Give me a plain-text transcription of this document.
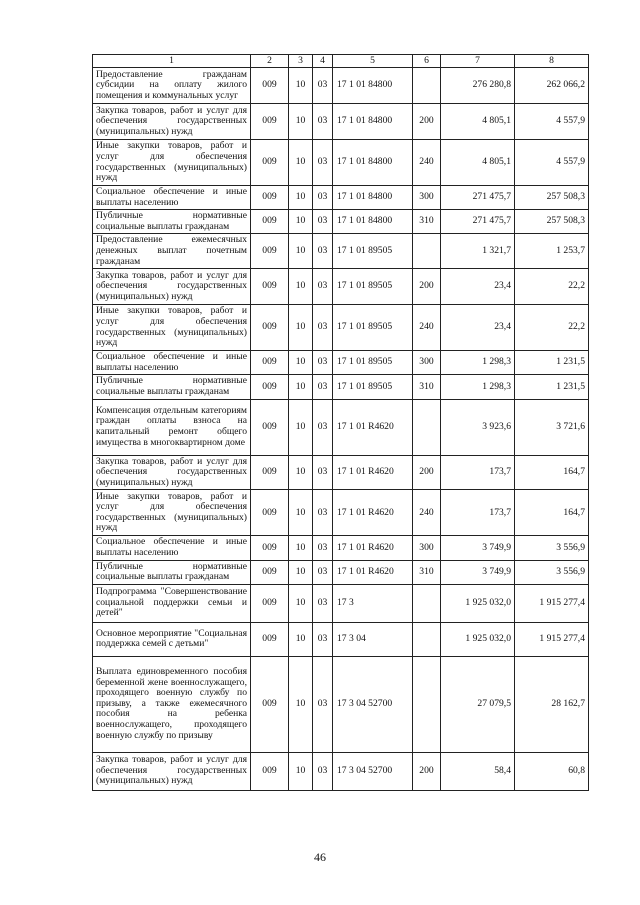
1	2	3	4	5	6	7	8
Предоставление гражданам субсидии на оплату жилого помещения и коммунальных услуг	009	10	03	17 1 01 84800		276 280,8	262 066,2
Закупка товаров, работ и услуг для обеспечения государственных (муниципальных) нужд	009	10	03	17 1 01 84800	200	4 805,1	4 557,9
Иные закупки товаров, работ и услуг для обеспечения государственных (муниципальных) нужд	009	10	03	17 1 01 84800	240	4 805,1	4 557,9
Социальное обеспечение и иные выплаты населению	009	10	03	17 1 01 84800	300	271 475,7	257 508,3
Публичные нормативные социальные выплаты гражданам	009	10	03	17 1 01 84800	310	271 475,7	257 508,3
Предоставление ежемесячных денежных выплат почетным гражданам	009	10	03	17 1 01 89505		1 321,7	1 253,7
Закупка товаров, работ и услуг для обеспечения государственных (муниципальных) нужд	009	10	03	17 1 01 89505	200	23,4	22,2
Иные закупки товаров, работ и услуг для обеспечения государственных (муниципальных) нужд	009	10	03	17 1 01 89505	240	23,4	22,2
Социальное обеспечение и иные выплаты населению	009	10	03	17 1 01 89505	300	1 298,3	1 231,5
Публичные нормативные социальные выплаты гражданам	009	10	03	17 1 01 89505	310	1 298,3	1 231,5
Компенсация отдельным категориям граждан оплаты взноса на капитальный ремонт общего имущества в многоквартирном доме	009	10	03	17 1 01 R4620		3 923,6	3 721,6
Закупка товаров, работ и услуг для обеспечения государственных (муниципальных) нужд	009	10	03	17 1 01 R4620	200	173,7	164,7
Иные закупки товаров, работ и услуг для обеспечения государственных (муниципальных) нужд	009	10	03	17 1 01 R4620	240	173,7	164,7
Социальное обеспечение и иные выплаты населению	009	10	03	17 1 01 R4620	300	3 749,9	3 556,9
Публичные нормативные социальные выплаты гражданам	009	10	03	17 1 01 R4620	310	3 749,9	3 556,9
Подпрограмма "Совершенствование социальной поддержки семьи и детей"	009	10	03	17 3		1 925 032,0	1 915 277,4
Основное мероприятие "Социальная поддержка семей с детьми"	009	10	03	17 3 04		1 925 032,0	1 915 277,4
Выплата единовременного пособия беременной жене военнослужащего, проходящего военную службу по призыву, а также ежемесячного пособия на ребенка военнослужащего, проходящего военную службу по призыву	009	10	03	17 3 04 52700		27 079,5	28 162,7
Закупка товаров, работ и услуг для обеспечения государственных (муниципальных) нужд	009	10	03	17 3 04 52700	200	58,4	60,8
46
